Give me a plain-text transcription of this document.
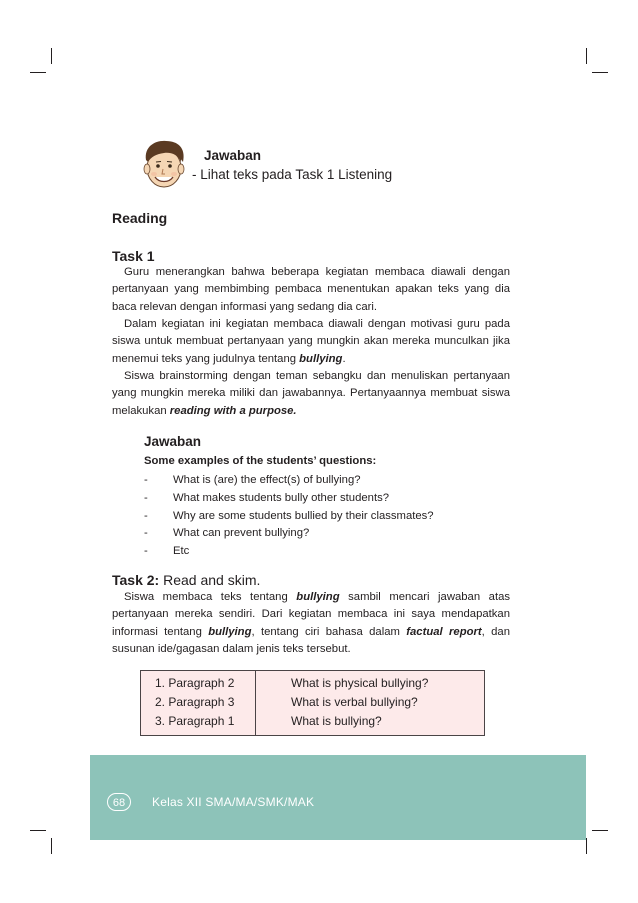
Jawaban
- Lihat teks pada Task 1 Listening
Reading
Task 1

Guru menerangkan bahwa beberapa kegiatan membaca diawali dengan pertanyaan yang membimbing pembaca menentukan apakan teks yang dia baca relevan dengan informasi yang sedang dia cari.

Dalam kegiatan ini kegiatan membaca diawali dengan motivasi guru pada siswa untuk membuat pertanyaan yang mungkin akan mereka munculkan jika menemui teks yang judulnya tentang bullying.

Siswa brainstorming dengan teman sebangku dan menuliskan pertanyaan yang mungkin mereka miliki dan jawabannya. Pertanyaannya membuat siswa melakukan reading with a purpose.

Jawaban
Some examples of the students’ questions:
- What is (are) the effect(s) of bullying?
- What makes students bully other students?
- Why are some students bullied by their classmates?
- What can prevent bullying?
- Etc
Task 2: Read and skim.

Siswa membaca teks tentang bullying sambil mencari jawaban atas pertanyaan mereka sendiri. Dari kegiatan membaca ini saya mendapatkan informasi tentang bullying, tentang ciri bahasa dalam factual report, dan susunan ide/gagasan dalam jenis teks tersebut.

1. Paragraph 2	What is physical bullying?
2. Paragraph 3	What is verbal bullying?
3. Paragraph 1	What is bullying?
68	Kelas XII SMA/MA/SMK/MAK
